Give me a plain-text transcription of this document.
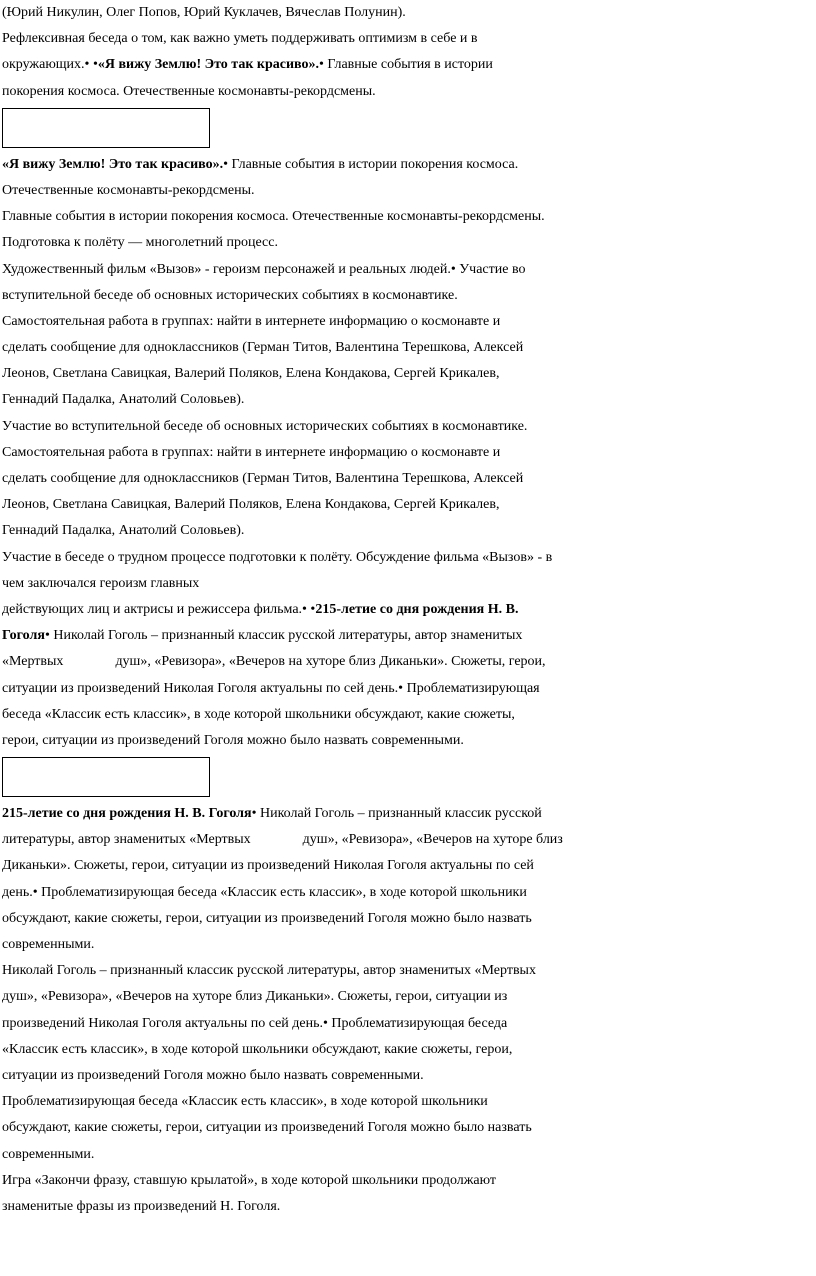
(Юрий Никулин, Олег Попов, Юрий Куклачев, Вячеслав Полунин).
Рефлексивная беседа о том, как важно уметь поддерживать оптимизм в себе и в
окружающих.• •«Я вижу Землю! Это так красиво».• Главные события в истории
покорения космоса. Отечественные космонавты-рекордсмены.
«Я вижу Землю! Это так красиво».• Главные события в истории покорения космоса.
Отечественные космонавты-рекордсмены.
Главные события в истории покорения космоса. Отечественные космонавты-рекордсмены.
Подготовка к полёту — многолетний процесс.
Художественный фильм «Вызов» - героизм персонажей и реальных людей.• Участие во
вступительной беседе об основных исторических событиях в космонавтике.
Самостоятельная работа в группах: найти в интернете информацию о космонавте и
сделать сообщение для одноклассников (Герман Титов, Валентина Терешкова, Алексей
Леонов, Светлана Савицкая, Валерий Поляков, Елена Кондакова, Сергей Крикалев,
Геннадий Падалка, Анатолий Соловьев).
Участие во вступительной беседе об основных исторических событиях в космонавтике.
Самостоятельная работа в группах: найти в интернете информацию о космонавте и
сделать сообщение для одноклассников (Герман Титов, Валентина Терешкова, Алексей
Леонов, Светлана Савицкая, Валерий Поляков, Елена Кондакова, Сергей Крикалев,
Геннадий Падалка, Анатолий Соловьев).
Участие в беседе о трудном процессе подготовки к полёту. Обсуждение фильма «Вызов» - в
чем заключался героизм главных
действующих лиц и актрисы и режиссера фильма.• •215-летие со дня рождения Н. В.
Гоголя• Николай Гоголь – признанный классик русской литературы, автор знаменитых
«Мертвых	душ», «Ревизора», «Вечеров на хуторе близ Диканьки». Сюжеты, герои,
ситуации из произведений Николая Гоголя актуальны по сей день.• Проблематизирующая
беседа «Классик есть классик», в ходе которой школьники обсуждают, какие сюжеты,
герои, ситуации из произведений Гоголя можно было назвать современными.
215-летие со дня рождения Н. В. Гоголя• Николай Гоголь – признанный классик русской
литературы, автор знаменитых «Мертвых	душ», «Ревизора», «Вечеров на хуторе близ
Диканьки». Сюжеты, герои, ситуации из произведений Николая Гоголя актуальны по сей
день.• Проблематизирующая беседа «Классик есть классик», в ходе которой школьники
обсуждают, какие сюжеты, герои, ситуации из произведений Гоголя можно было назвать
современными.
Николай Гоголь – признанный классик русской литературы, автор знаменитых «Мертвых
душ», «Ревизора», «Вечеров на хуторе близ Диканьки». Сюжеты, герои, ситуации из
произведений Николая Гоголя актуальны по сей день.• Проблематизирующая беседа
«Классик есть классик», в ходе которой школьники обсуждают, какие сюжеты, герои,
ситуации из произведений Гоголя можно было назвать современными.
Проблематизирующая беседа «Классик есть классик», в ходе которой школьники
обсуждают, какие сюжеты, герои, ситуации из произведений Гоголя можно было назвать
современными.
Игра «Закончи фразу, ставшую крылатой», в ходе которой школьники продолжают
знаменитые фразы из произведений Н. Гоголя.
